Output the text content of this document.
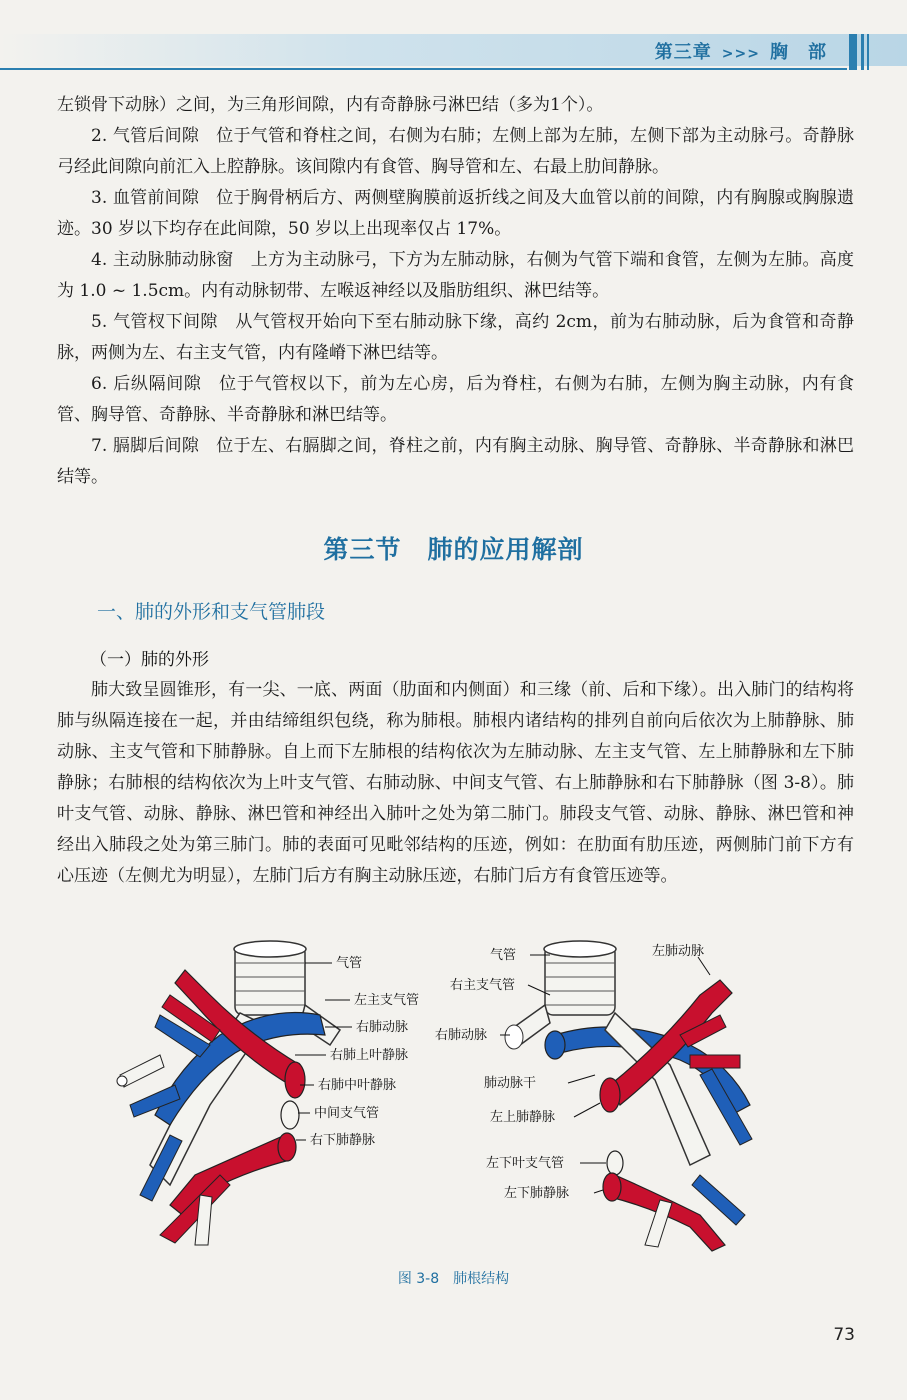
第三章 >>> 胸　部

左锁骨下动脉）之间，为三角形间隙，内有奇静脉弓淋巴结（多为1个）。

2. 气管后间隙　位于气管和脊柱之间，右侧为右肺；左侧上部为左肺，左侧下部为主动脉弓。奇静脉弓经此间隙向前汇入上腔静脉。该间隙内有食管、胸导管和左、右最上肋间静脉。

3. 血管前间隙　位于胸骨柄后方、两侧壁胸膜前返折线之间及大血管以前的间隙，内有胸腺或胸腺遗迹。30 岁以下均存在此间隙，50 岁以上出现率仅占 17%。

4. 主动脉肺动脉窗　上方为主动脉弓，下方为左肺动脉，右侧为气管下端和食管，左侧为左肺。高度为 1.0 ~ 1.5cm。内有动脉韧带、左喉返神经以及脂肪组织、淋巴结等。

5. 气管杈下间隙　从气管杈开始向下至右肺动脉下缘，高约 2cm，前为右肺动脉，后为食管和奇静脉，两侧为左、右主支气管，内有隆嵴下淋巴结等。

6. 后纵隔间隙　位于气管杈以下，前为左心房，后为脊柱，右侧为右肺，左侧为胸主动脉，内有食管、胸导管、奇静脉、半奇静脉和淋巴结等。

7. 膈脚后间隙　位于左、右膈脚之间，脊柱之前，内有胸主动脉、胸导管、奇静脉、半奇静脉和淋巴结等。

第三节　肺的应用解剖
一、肺的外形和支气管肺段
（一）肺的外形

肺大致呈圆锥形，有一尖、一底、两面（肋面和内侧面）和三缘（前、后和下缘）。出入肺门的结构将肺与纵隔连接在一起，并由结缔组织包绕，称为肺根。肺根内诸结构的排列自前向后依次为上肺静脉、肺动脉、主支气管和下肺静脉。自上而下左肺根的结构依次为左肺动脉、左主支气管、左上肺静脉和左下肺静脉；右肺根的结构依次为上叶支气管、右肺动脉、中间支气管、右上肺静脉和右下肺静脉（图 3-8）。肺叶支气管、动脉、静脉、淋巴管和神经出入肺叶之处为第二肺门。肺段支气管、动脉、静脉、淋巴管和神经出入肺段之处为第三肺门。肺的表面可见毗邻结构的压迹，例如：在肋面有肋压迹，两侧肺门前下方有心压迹（左侧尤为明显），左肺门后方有胸主动脉压迹，右肺门后方有食管压迹等。

气管
左主支气管
右肺动脉
右肺上叶静脉
右肺中叶静脉
中间支气管
右下肺静脉
气管	左肺动脉
右主支气管
右肺动脉
肺动脉干
左上肺静脉
左下叶支气管
左下肺静脉
图 3-8　肺根结构
73
